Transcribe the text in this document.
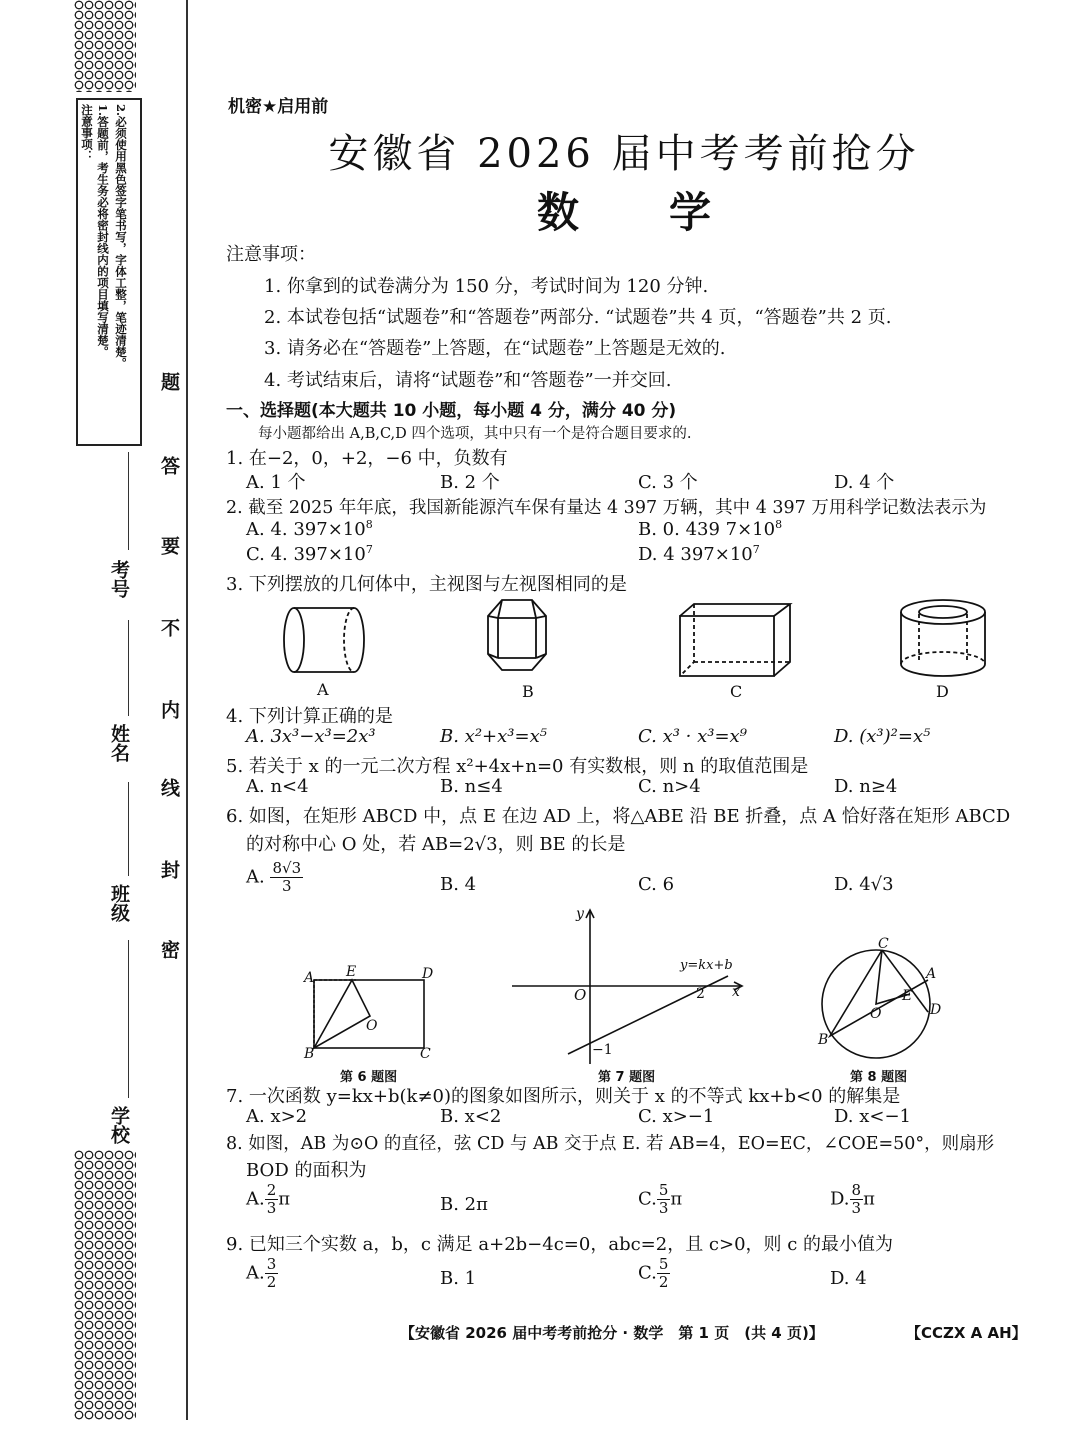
注意事项： 1.答题前，考生务必将密封线内的项目填写清楚。 2.必须使用黑色签字笔书写，字体工整，笔迹清楚。
题
答
要
不
内
线
封
密
考号
姓名
班级
学校
机密★启用前
安徽省 2026 届中考考前抢分
数学
注意事项：
1. 你拿到的试卷满分为 150 分，考试时间为 120 分钟.
2. 本试卷包括“试题卷”和“答题卷”两部分. “试题卷”共 4 页，“答题卷”共 2 页.
3. 请务必在“答题卷”上答题，在“试题卷”上答题是无效的.
4. 考试结束后，请将“试题卷”和“答题卷”一并交回.
一、选择题(本大题共 10 小题，每小题 4 分，满分 40 分)
每小题都给出 A,B,C,D 四个选项，其中只有一个是符合题目要求的.
1. 在−2，0，+2，−6 中，负数有
A. 1 个	B. 2 个	C. 3 个	D. 4 个
2. 截至 2025 年年底，我国新能源汽车保有量达 4 397 万辆，其中 4 397 万用科学记数法表示为
A. 4. $397\times 10^8$	B. 0. 439 $7\times 10^8$
C. 4. $397\times 10^7$	D. 4 $397\times 10^7$
3. 下列摆放的几何体中，主视图与左视图相同的是
A	B	C	D
4. 下列计算正确的是
A. 3x³−x³=2x³	B. x²+x³=x⁵	C. x³ · x³=x⁹	D. (x³)²=x⁵
5. 若关于 x 的一元二次方程 x²+4x+n=0 有实数根，则 n 的取值范围是
A. n<4	B. n≤4	C. n>4	D. n≥4
6. 如图，在矩形 ABCD 中，点 E 在边 AD 上，将△ABE 沿 BE 折叠，点 A 恰好落在矩形 ABCD
的对称中心 O 处，若 AB=2√3，则 BE 的长是
A. $\frac{8√3}{3}$	B. 4	C. 6	D. 4√3
A E	D
O
B	C
第 6 题图
y
x
O	2
−1
y=kx+b
第 7 题图
C
A
E
O	D
B
第 8 题图
7. 一次函数 y=kx+b(k≠0)的图象如图所示，则关于 x 的不等式 kx+b<0 的解集是
A. x>2	B. x<2	C. x>−1	D. x<−1
8. 如图，AB 为⊙O 的直径，弦 CD 与 AB 交于点 E. 若 AB=4，EO=EC，∠COE=50°，则扇形
BOD 的面积为
A. $\frac{2}{3}$ π	B. 2π	C. $\frac{5}{3}$ π	D. $\frac{8}{3}$ π
9. 已知三个实数 a，b，c 满足 a+2b−4c=0，abc=2，且 c>0，则 c 的最小值为
A. $\frac{3}{2}$	B. 1	C. $\frac{5}{2}$	D. 4
【安徽省 2026 届中考考前抢分 · 数学　第 1 页　(共 4 页)】	【CCZX A AH】
